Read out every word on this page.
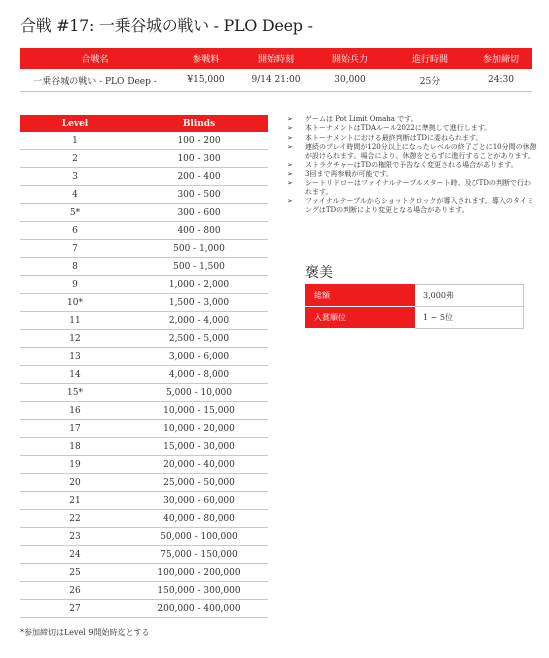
合戦 #17: 一乗谷城の戦い - PLO Deep -
合戦名	参戦料	開始時刻	開始兵力	進行時間	参加締切
一乗谷城の戦い - PLO Deep -	¥15,000	9/14 21:00	30,000	25分	24:30
Level	Blinds
1	100 - 200
2	100 - 300
3	200 - 400
4	300 - 500
5*	300 - 600
6	400 - 800
7	500 - 1,000
8	500 - 1,500
9	1,000 - 2,000
10*	1,500 - 3,000
11	2,000 - 4,000
12	2,500 - 5,000
13	3,000 - 6,000
14	4,000 - 8,000
15*	5,000 - 10,000
16	10,000 - 15,000
17	10,000 - 20,000
18	15,000 - 30,000
19	20,000 - 40,000
20	25,000 - 50,000
21	30,000 - 60,000
22	40,000 - 80,000
23	50,000 - 100,000
24	75,000 - 150,000
25	100,000 - 200,000
26	150,000 - 300,000
27	200,000 - 400,000
*参加締切はLevel 9開始時迄とする
➢ ゲームは Pot Limit Omaha です。
➢ 本トーナメントはTDAルール2022に準拠して進行します。
➢ 本トーナメントにおける最終判断はTDに委ねられます。
➢ 連続のプレイ時間が120分以上になったレベルの終了ごとに10分間の休憩が設けられます。場合により、休憩をとらずに進行することがあります。
➢ ストラクチャーはTDの権限で予告なく変更される場合があります。
➢ 3回まで再参戦が可能です。
➢ シートリドローはファイナルテーブルスタート時、及びTDの判断で行われます。
➢ ファイナルテーブルからショットクロックが導入されます。導入のタイミングはTDの判断により変更となる場合があります。
褒美
総額	3,000弗
入賞順位	1 ~ 5位
